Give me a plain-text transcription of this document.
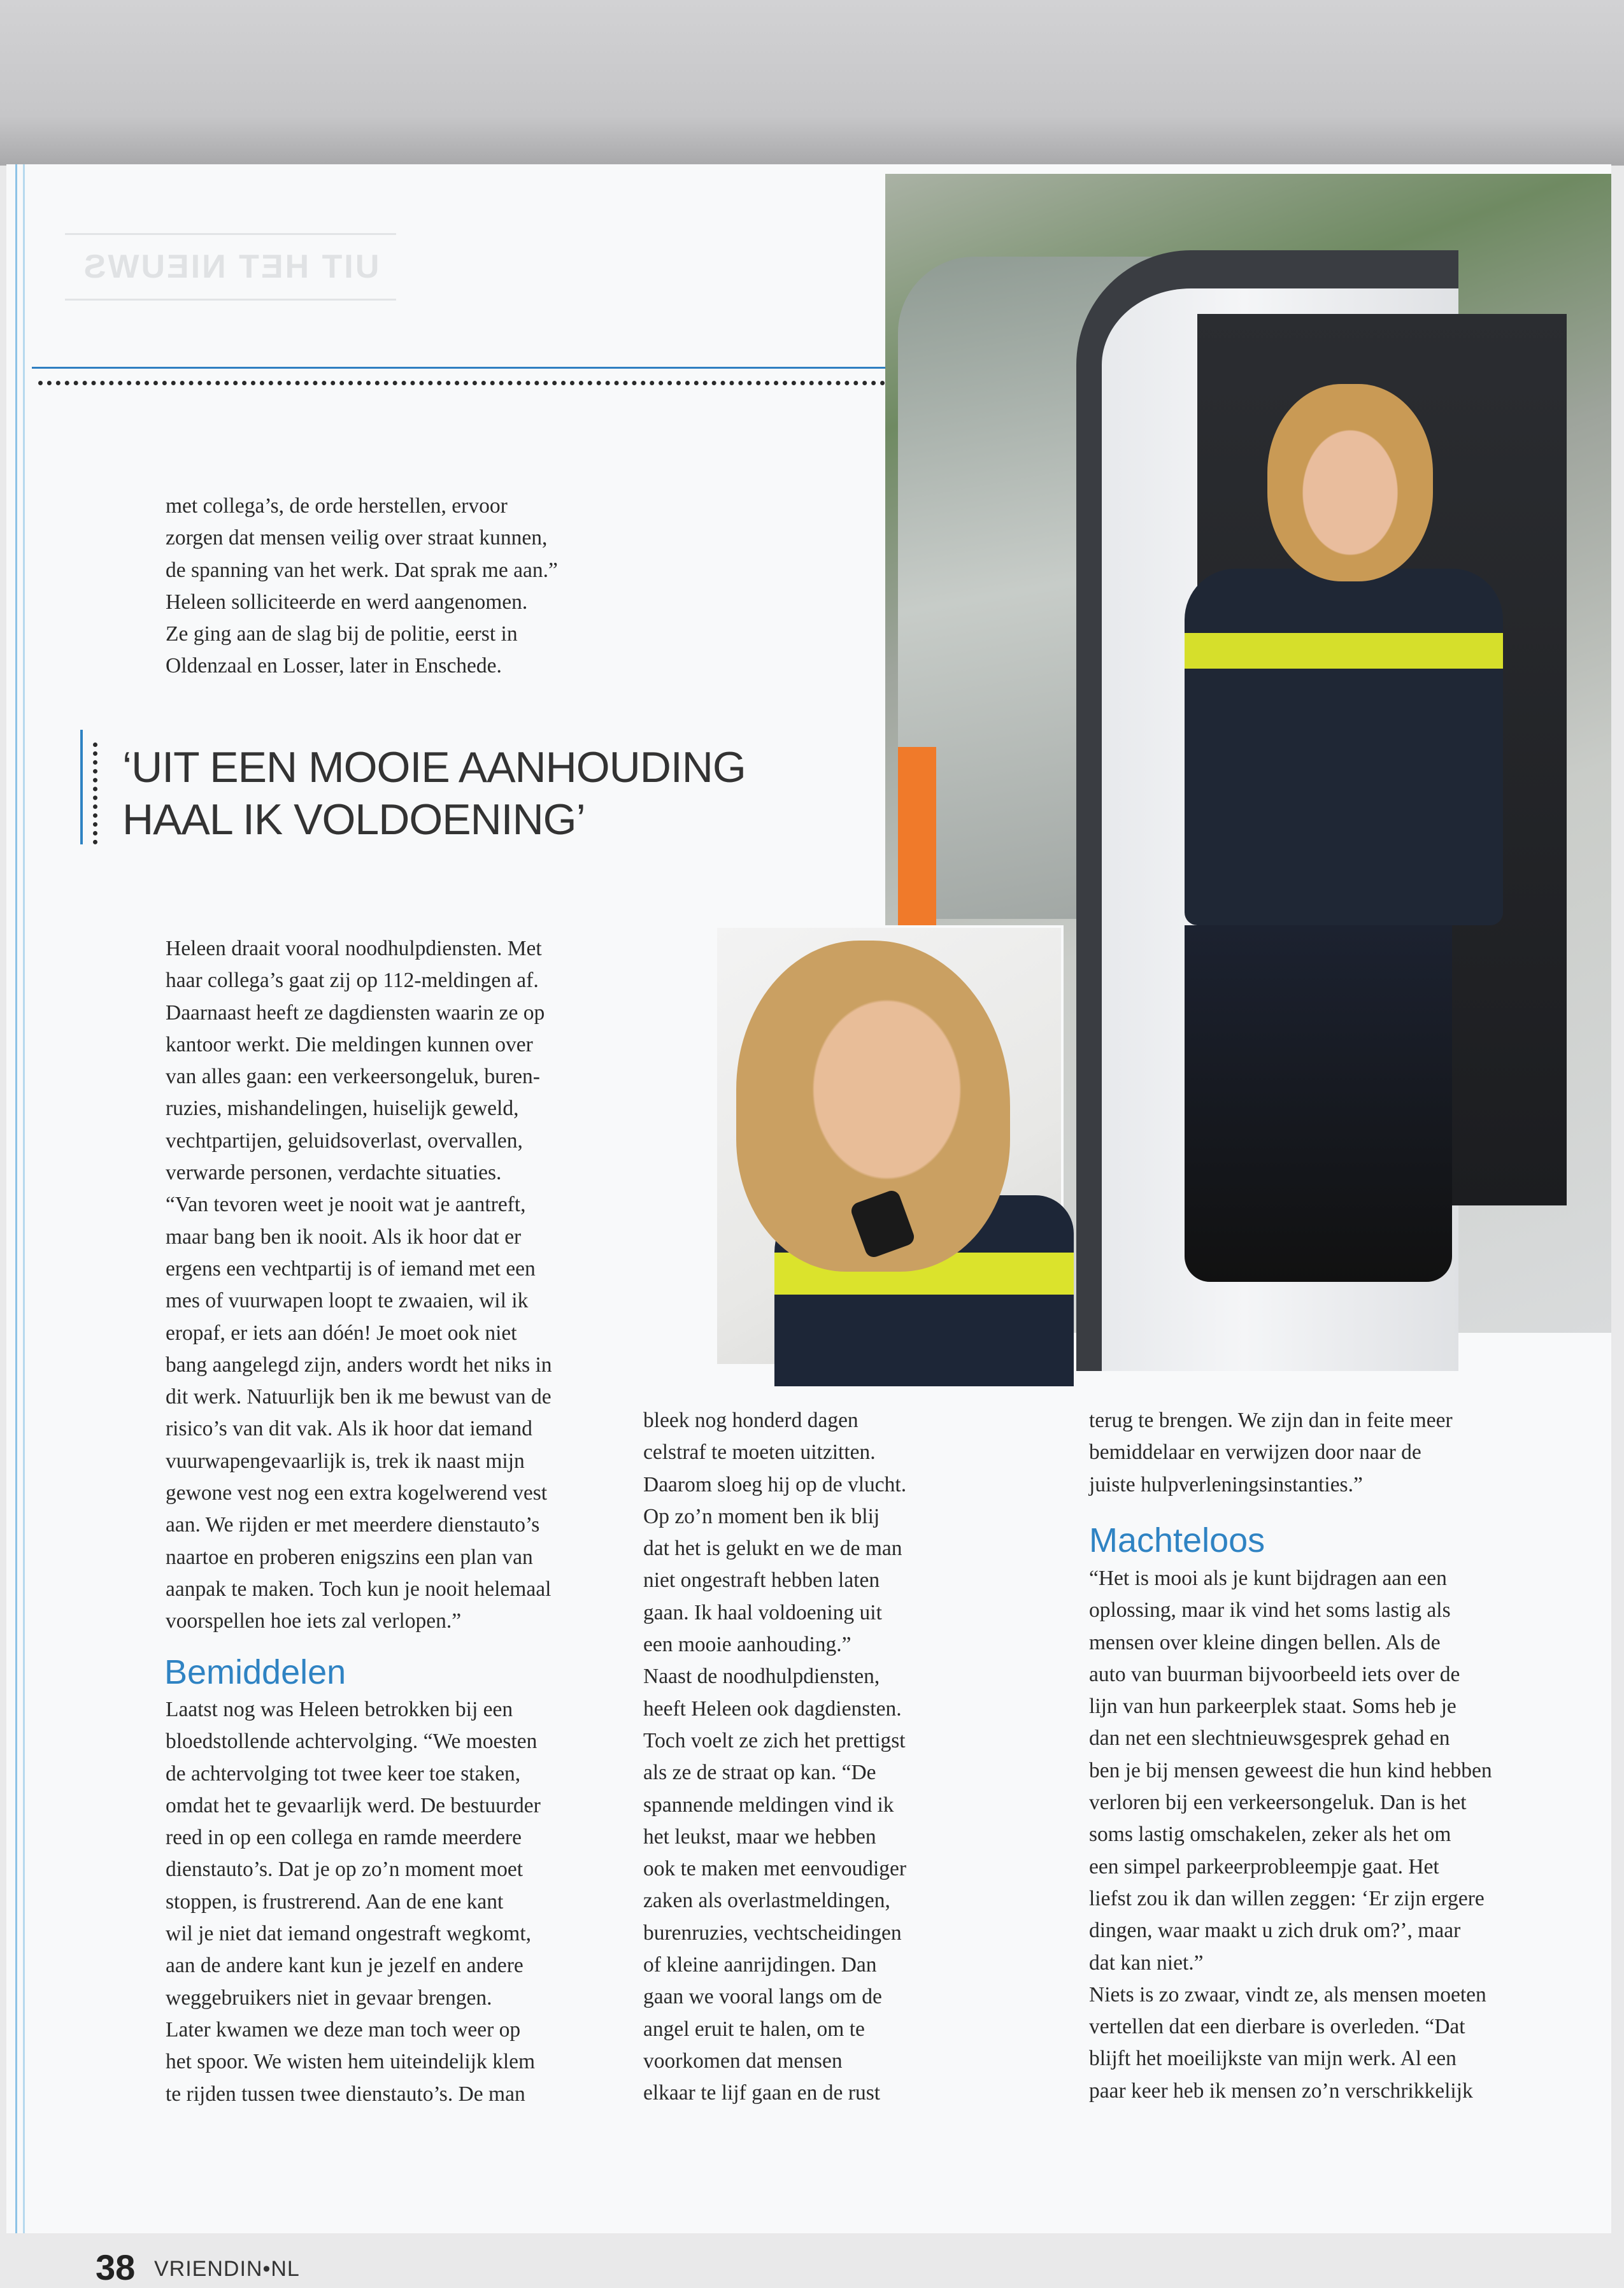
UIT HET NIEUWS

met collega’s, de orde herstellen, ervoor
zorgen dat mensen veilig over straat kunnen,
de spanning van het werk. Dat sprak me aan.”
Heleen solliciteerde en werd aangenomen.
Ze ging aan de slag bij de politie, eerst in
Oldenzaal en Losser, later in Enschede.

‘UIT EEN MOOIE AANHOUDING
HAAL IK VOLDOENING’

Heleen draait vooral noodhulpdiensten. Met
haar collega’s gaat zij op 112-meldingen af.
Daarnaast heeft ze dagdiensten waarin ze op
kantoor werkt. Die meldingen kunnen over
van alles gaan: een verkeersongeluk, buren-
ruzies, mishandelingen, huiselijk geweld,
vechtpartijen, geluidsoverlast, overvallen,
verwarde personen, verdachte situaties.
“Van tevoren weet je nooit wat je aantreft,
maar bang ben ik nooit. Als ik hoor dat er
ergens een vechtpartij is of iemand met een
mes of vuurwapen loopt te zwaaien, wil ik
eropaf, er iets aan dóén! Je moet ook niet
bang aangelegd zijn, anders wordt het niks in
dit werk. Natuurlijk ben ik me bewust van de
risico’s van dit vak. Als ik hoor dat iemand
vuurwapengevaarlijk is, trek ik naast mijn
gewone vest nog een extra kogelwerend vest
aan. We rijden er met meerdere dienstauto’s
naartoe en proberen enigszins een plan van
aanpak te maken. Toch kun je nooit helemaal
voorspellen hoe iets zal verlopen.”

Bemiddelen

Laatst nog was Heleen betrokken bij een
bloedstollende achtervolging. “We moesten
de achtervolging tot twee keer toe staken,
omdat het te gevaarlijk werd. De bestuurder
reed in op een collega en ramde meerdere
dienstauto’s. Dat je op zo’n moment moet
stoppen, is frustrerend. Aan de ene kant
wil je niet dat iemand ongestraft wegkomt,
aan de andere kant kun je jezelf en andere
weggebruikers niet in gevaar brengen.
Later kwamen we deze man toch weer op
het spoor. We wisten hem uiteindelijk klem
te rijden tussen twee dienstauto’s. De man

bleek nog honderd dagen
celstraf te moeten uitzitten.
Daarom sloeg hij op de vlucht.
Op zo’n moment ben ik blij
dat het is gelukt en we de man
niet ongestraft hebben laten
gaan. Ik haal voldoening uit
een mooie aanhouding.”
Naast de noodhulpdiensten,
heeft Heleen ook dagdiensten.
Toch voelt ze zich het prettigst
als ze de straat op kan. “De
spannende meldingen vind ik
het leukst, maar we hebben
ook te maken met eenvoudiger
zaken als overlastmeldingen,
burenruzies, vechtscheidingen
of kleine aanrijdingen. Dan
gaan we vooral langs om de
angel eruit te halen, om te
voorkomen dat mensen
elkaar te lijf gaan en de rust

terug te brengen. We zijn dan in feite meer
bemiddelaar en verwijzen door naar de
juiste hulpverleningsinstanties.”

Machteloos

“Het is mooi als je kunt bijdragen aan een
oplossing, maar ik vind het soms lastig als
mensen over kleine dingen bellen. Als de
auto van buurman bijvoorbeeld iets over de
lijn van hun parkeerplek staat. Soms heb je
dan net een slechtnieuwsgesprek gehad en
ben je bij mensen geweest die hun kind hebben
verloren bij een verkeersongeluk. Dan is het
soms lastig omschakelen, zeker als het om
een simpel parkeerprobleempje gaat. Het
liefst zou ik dan willen zeggen: ‘Er zijn ergere
dingen, waar maakt u zich druk om?’, maar
dat kan niet.”
Niets is zo zwaar, vindt ze, als mensen moeten
vertellen dat een dierbare is overleden. “Dat
blijft het moeilijkste van mijn werk. Al een
paar keer heb ik mensen zo’n verschrikkelijk

38 VRIENDIN•NL
